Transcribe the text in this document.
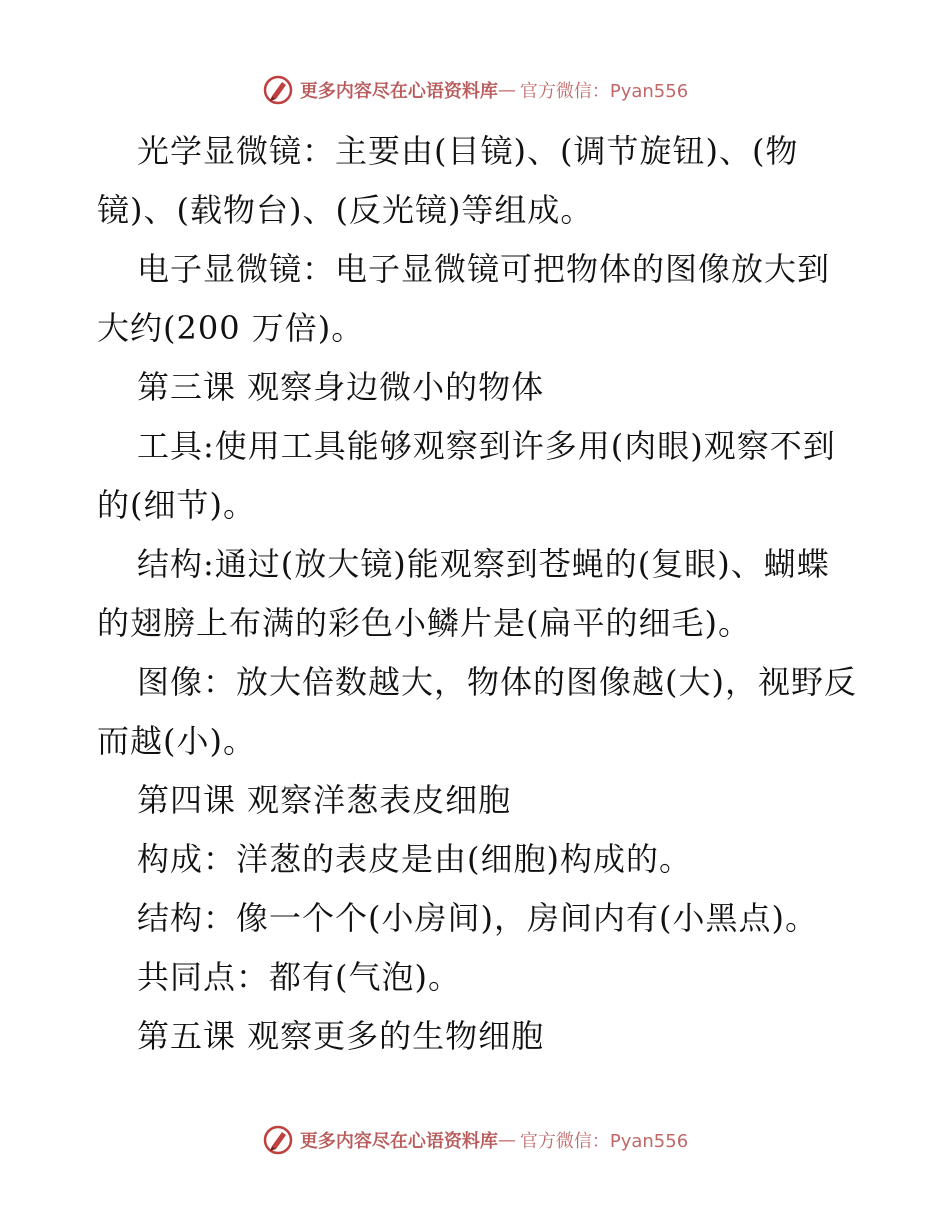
更多内容尽在心语资料库 — 官方微信：Pyan556

光学显微镜：主要由(目镜)、(调节旋钮)、(物镜)、(载物台)、(反光镜)等组成。

电子显微镜：电子显微镜可把物体的图像放大到大约(200 万倍)。

第三课 观察身边微小的物体

工具:使用工具能够观察到许多用(肉眼)观察不到的(细节)。

结构:通过(放大镜)能观察到苍蝇的(复眼)、蝴蝶的翅膀上布满的彩色小鳞片是(扁平的细毛)。

图像：放大倍数越大，物体的图像越(大)，视野反而越(小)。

第四课 观察洋葱表皮细胞

构成：洋葱的表皮是由(细胞)构成的。

结构：像一个个(小房间)，房间内有(小黑点)。

共同点：都有(气泡)。

第五课 观察更多的生物细胞

更多内容尽在心语资料库 — 官方微信：Pyan556
